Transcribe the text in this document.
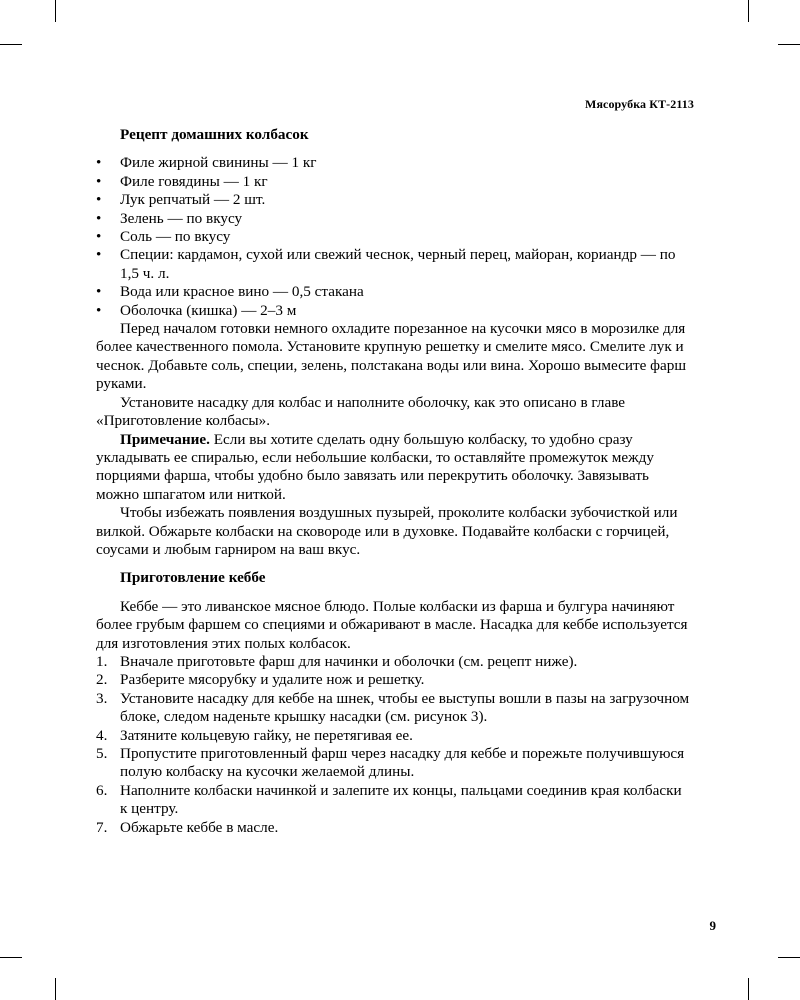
Мясорубка КТ-2113
Рецепт домашних колбасок
• Филе жирной свинины — 1 кг
• Филе говядины — 1 кг
• Лук репчатый — 2 шт.
• Зелень — по вкусу
• Соль — по вкусу
• Специи: кардамон, сухой или свежий чеснок, черный перец, майоран, кориандр — по 1,5 ч. л.
• Вода или красное вино — 0,5 стакана
• Оболочка (кишка) — 2–3 м

Перед началом готовки немного охладите порезанное на кусочки мясо в морозилке для более качественного помола. Установите крупную решетку и смелите мясо. Смелите лук и чеснок. Добавьте соль, специи, зелень, полстакана воды или вина. Хорошо вымесите фарш руками.

Установите насадку для колбас и наполните оболочку, как это описано в главе «Приготовление колбасы».

Примечание. Если вы хотите сделать одну большую колбаску, то удобно сразу укладывать ее спиралью, если небольшие колбаски, то оставляйте промежуток между порциями фарша, чтобы удобно было завязать или перекрутить оболочку. Завязывать можно шпагатом или ниткой.

Чтобы избежать появления воздушных пузырей, проколите колбаски зубочисткой или вилкой. Обжарьте колбаски на сковороде или в духовке. Подавайте колбаски с горчицей, соусами и любым гарниром на ваш вкус.

Приготовление кеббе

Кеббе — это ливанское мясное блюдо. Полые колбаски из фарша и булгура начиняют более грубым фаршем со специями и обжаривают в масле. Насадка для кеббе используется для изготовления этих полых колбасок.

1. Вначале приготовьте фарш для начинки и оболочки (см. рецепт ниже).
2. Разберите мясорубку и удалите нож и решетку.
3. Установите насадку для кеббе на шнек, чтобы ее выступы вошли в пазы на загрузочном блоке, следом наденьте крышку насадки (см. рисунок 3).
4. Затяните кольцевую гайку, не перетягивая ее.
5. Пропустите приготовленный фарш через насадку для кеббе и порежьте получившуюся полую колбаску на кусочки желаемой длины.
6. Наполните колбаски начинкой и залепите их концы, пальцами соединив края колбаски к центру.
7. Обжарьте кеббе в масле.
9
